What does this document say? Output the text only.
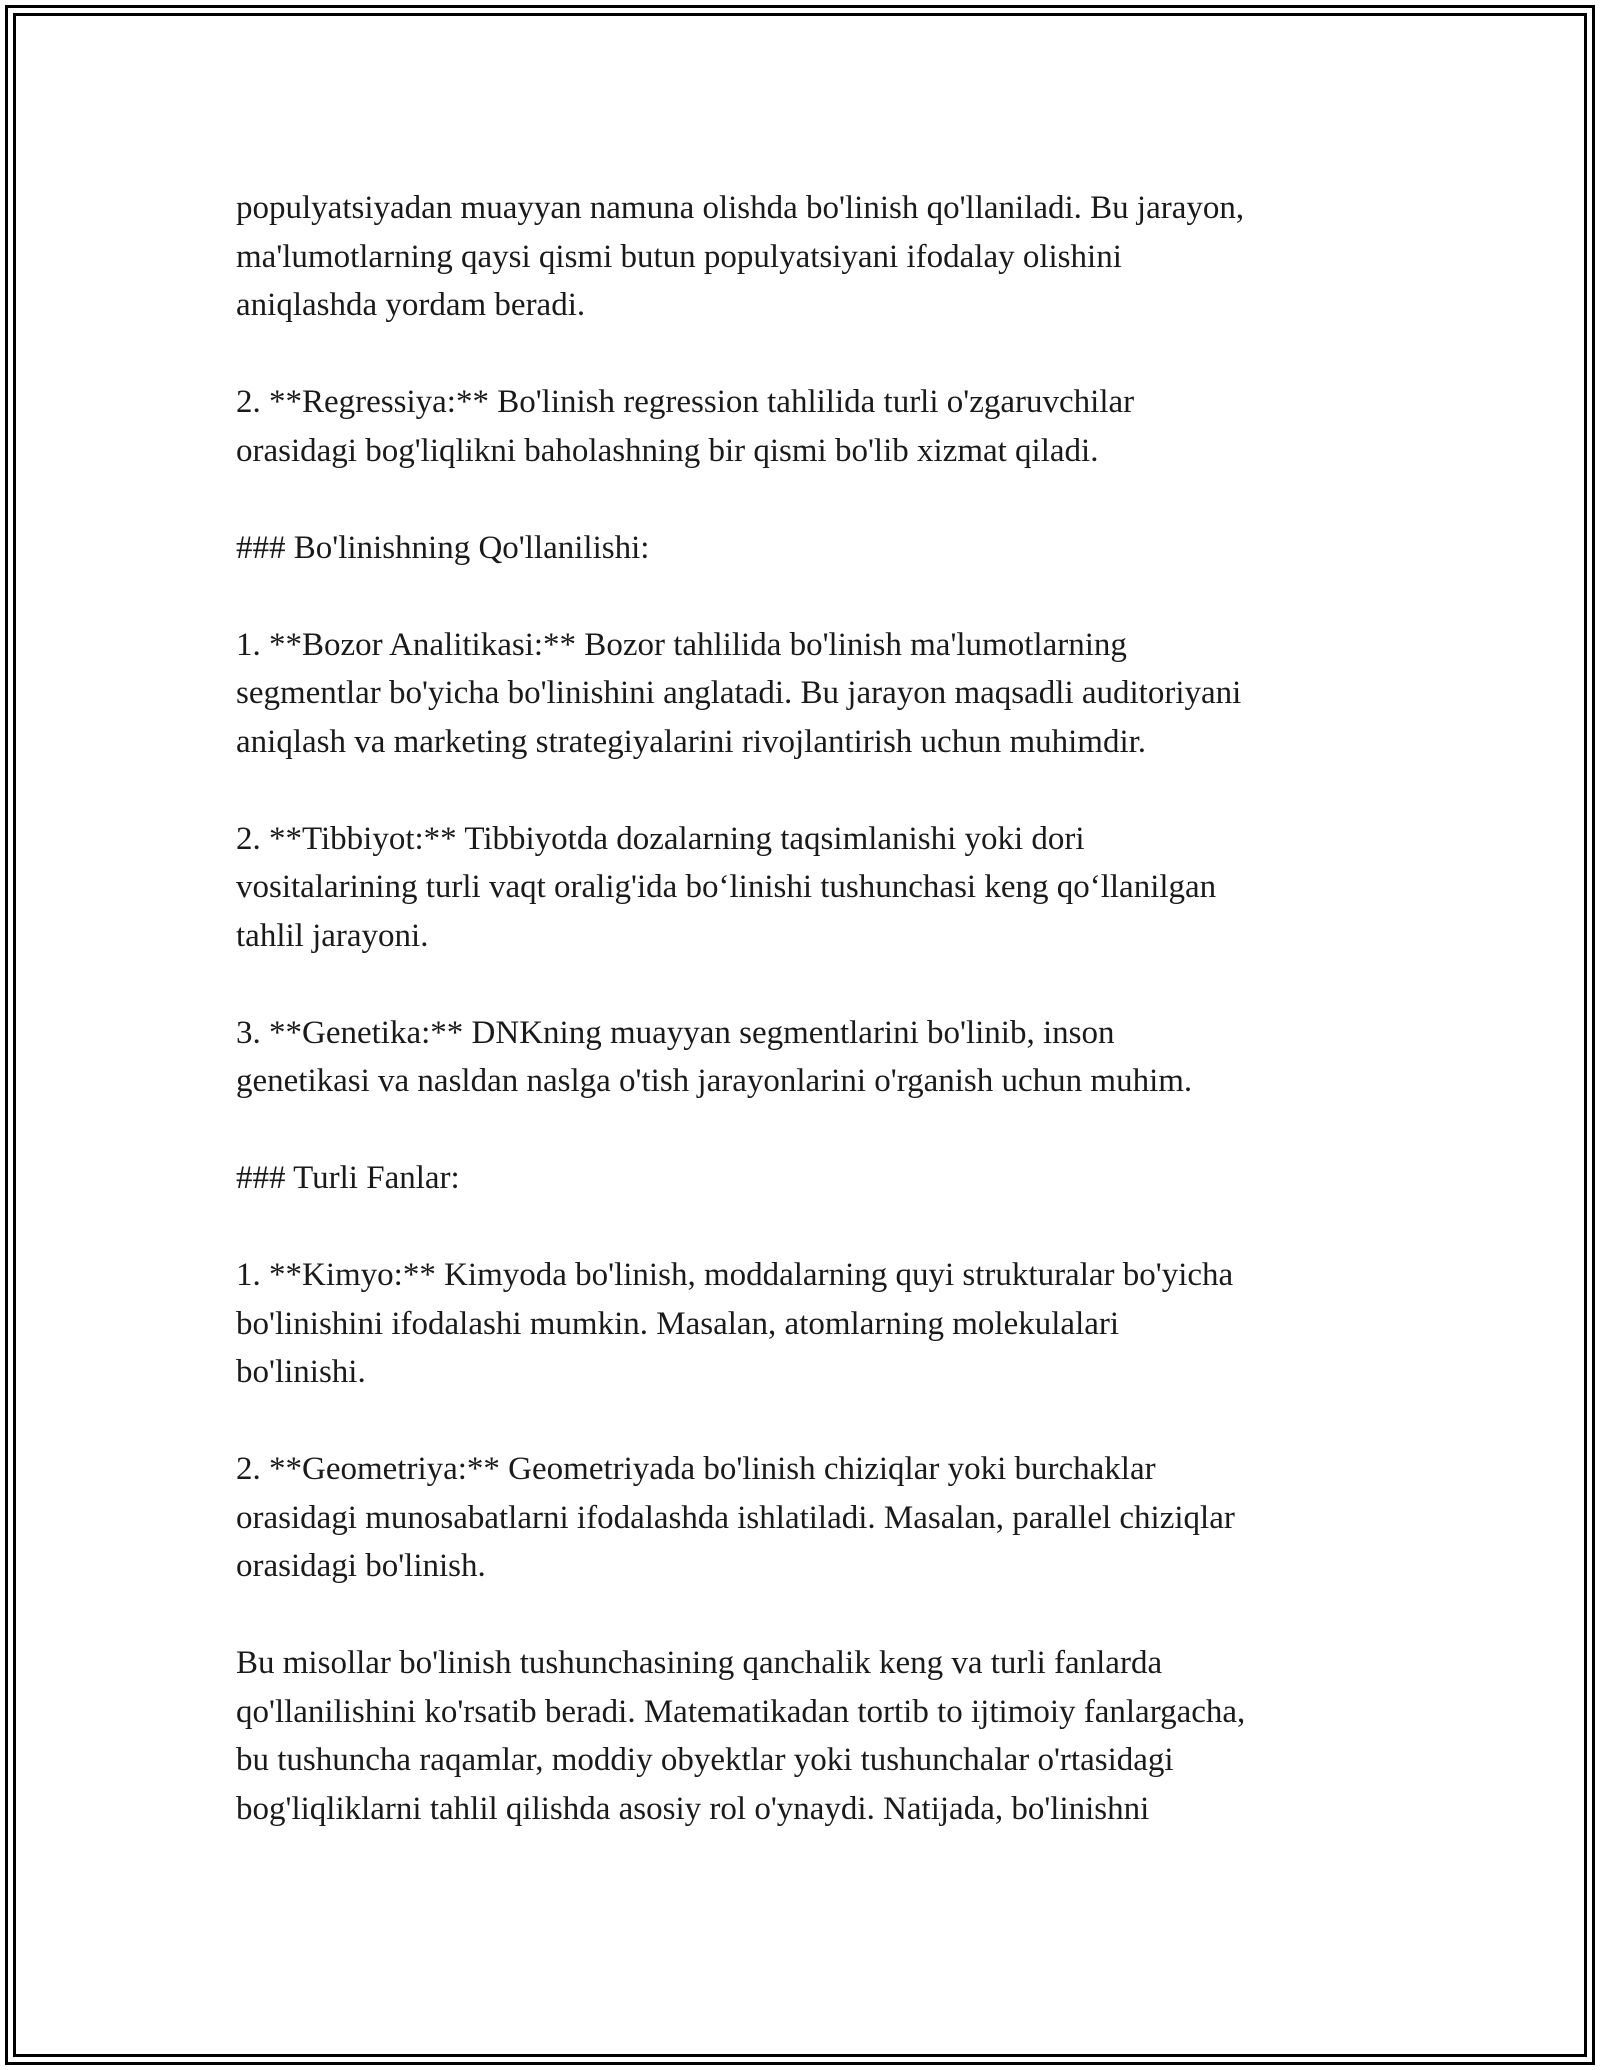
populyatsiyadan muayyan namuna olishda bo'linish qo'llaniladi. Bu jarayon,
ma'lumotlarning qaysi qismi butun populyatsiyani ifodalay olishini
aniqlashda yordam beradi.

2. **Regressiya:** Bo'linish regression tahlilida turli o'zgaruvchilar
orasidagi bog'liqlikni baholashning bir qismi bo'lib xizmat qiladi.

### Bo'linishning Qo'llanilishi:

1. **Bozor Analitikasi:** Bozor tahlilida bo'linish ma'lumotlarning
segmentlar bo'yicha bo'linishini anglatadi. Bu jarayon maqsadli auditoriyani
aniqlash va marketing strategiyalarini rivojlantirish uchun muhimdir.

2. **Tibbiyot:** Tibbiyotda dozalarning taqsimlanishi yoki dori
vositalarining turli vaqt oralig'ida bo‘linishi tushunchasi keng qo‘llanilgan
tahlil jarayoni.

3. **Genetika:** DNKning muayyan segmentlarini bo'linib, inson
genetikasi va nasldan naslga o'tish jarayonlarini o'rganish uchun muhim.

### Turli Fanlar:

1. **Kimyo:** Kimyoda bo'linish, moddalarning quyi strukturalar bo'yicha
bo'linishini ifodalashi mumkin. Masalan, atomlarning molekulalari
bo'linishi.

2. **Geometriya:** Geometriyada bo'linish chiziqlar yoki burchaklar
orasidagi munosabatlarni ifodalashda ishlatiladi. Masalan, parallel chiziqlar
orasidagi bo'linish.

Bu misollar bo'linish tushunchasining qanchalik keng va turli fanlarda
qo'llanilishini ko'rsatib beradi. Matematikadan tortib to ijtimoiy fanlargacha,
bu tushuncha raqamlar, moddiy obyektlar yoki tushunchalar o'rtasidagi
bog'liqliklarni tahlil qilishda asosiy rol o'ynaydi. Natijada, bo'linishni
